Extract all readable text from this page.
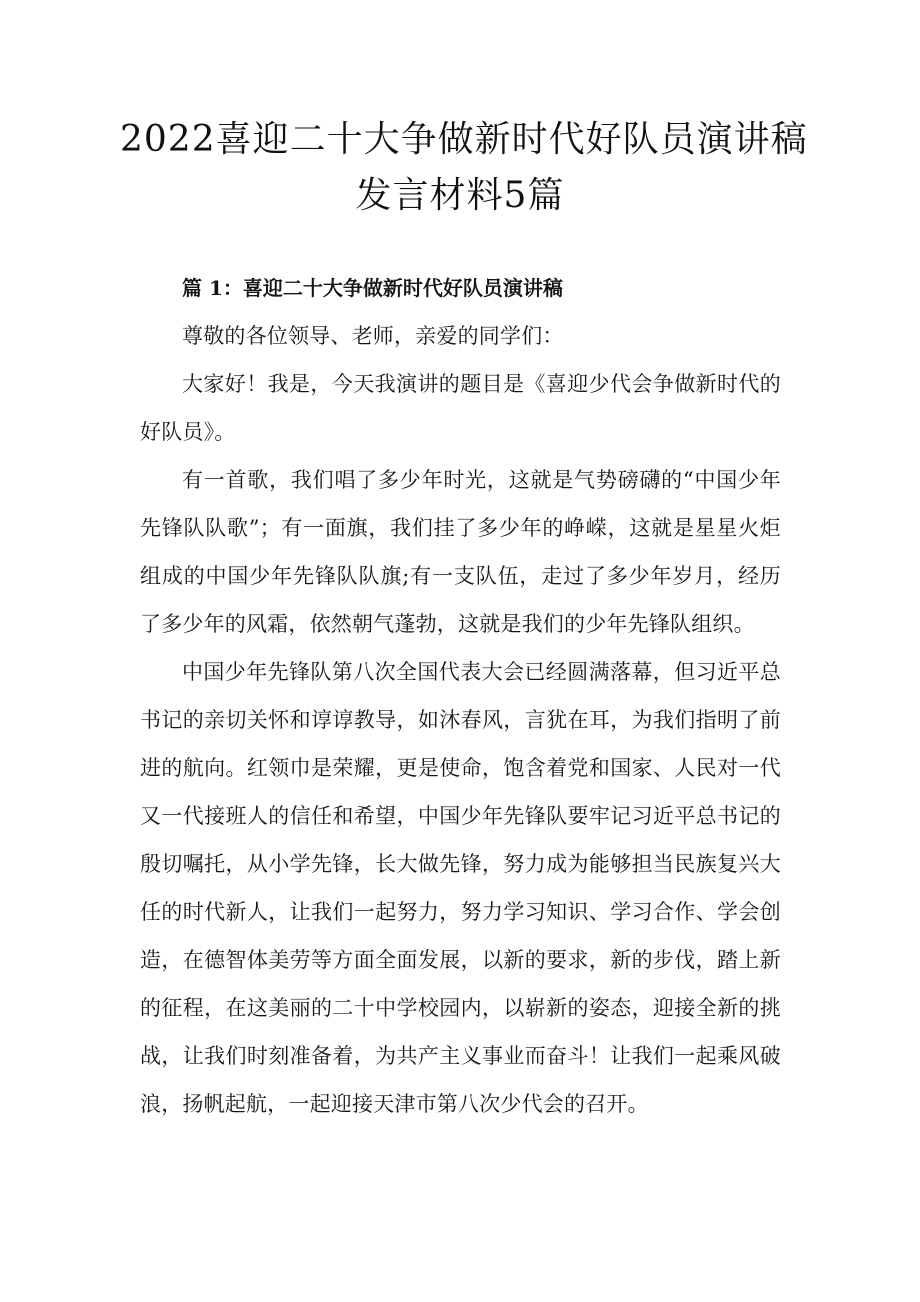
2022喜迎二十大争做新时代好队员演讲稿
发言材料5篇

篇 1：喜迎二十大争做新时代好队员演讲稿

尊敬的各位领导、老师，亲爱的同学们：

大家好！我是，今天我演讲的题目是《喜迎少代会争做新时代的好队员》。

有一首歌，我们唱了多少年时光，这就是气势磅礴的“中国少年先锋队队歌”；有一面旗，我们挂了多少年的峥嵘，这就是星星火炬组成的中国少年先锋队队旗;有一支队伍，走过了多少年岁月，经历了多少年的风霜，依然朝气蓬勃，这就是我们的少年先锋队组织。

中国少年先锋队第八次全国代表大会已经圆满落幕，但习近平总书记的亲切关怀和谆谆教导，如沐春风，言犹在耳，为我们指明了前进的航向。红领巾是荣耀，更是使命，饱含着党和国家、人民对一代又一代接班人的信任和希望，中国少年先锋队要牢记习近平总书记的殷切嘱托，从小学先锋，长大做先锋，努力成为能够担当民族复兴大任的时代新人，让我们一起努力，努力学习知识、学习合作、学会创造，在德智体美劳等方面全面发展，以新的要求，新的步伐，踏上新的征程，在这美丽的二十中学校园内，以崭新的姿态，迎接全新的挑战，让我们时刻准备着，为共产主义事业而奋斗！让我们一起乘风破浪，扬帆起航，一起迎接天津市第八次少代会的召开。
